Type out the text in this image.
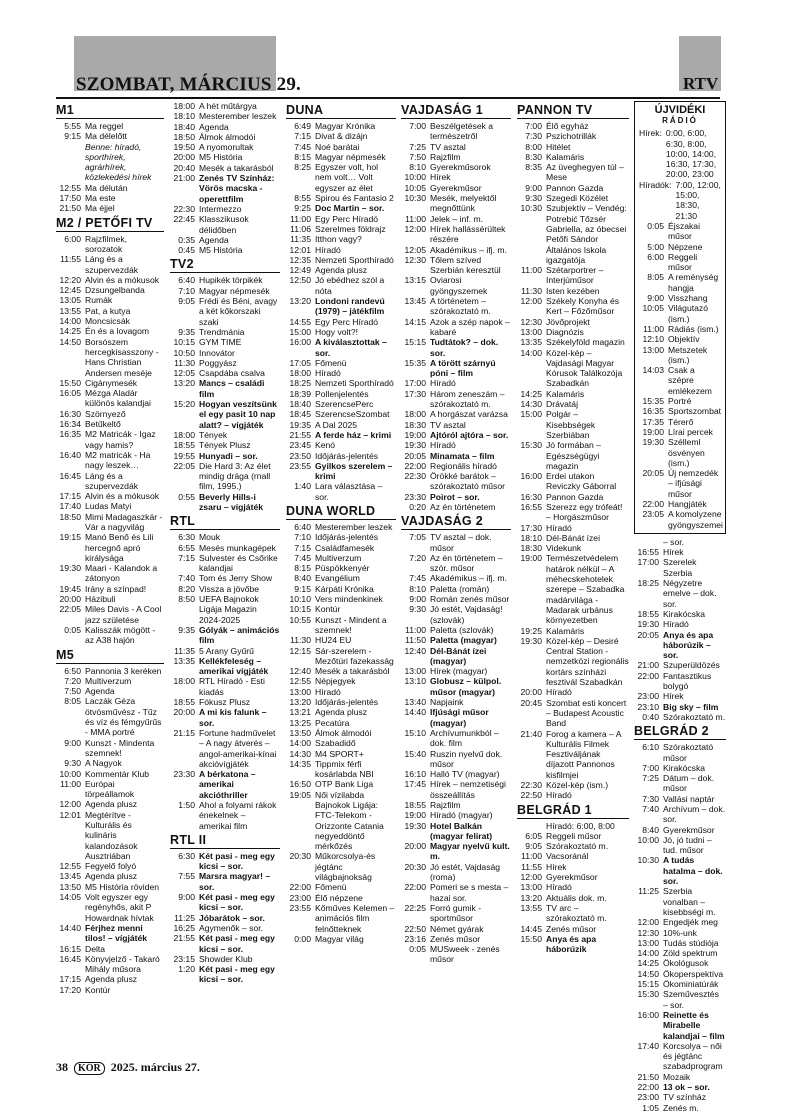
SZOMBAT, MÁRCIUS 29.	RTV
M1
5:55 Ma reggel
9:15 Ma délelőtt
Benne: híradó, sporthírek, agrárhírek, közlekedési hírek
12:55 Ma délután
17:50 Ma este
21:50 Ma éjjel
M2 / PETŐFI TV
6:00 Rajzfilmek, sorozatok
11:55 Láng és a szupervezdák
12:20 Alvin és a mókusok
12:45 Dzsungelbanda
13:05 Rumák
13:55 Pat, a kutya
14:00 Moncsicsák
14:25 Én és a lovagom
14:50 Borsószem hercegkisasszony - Hans Christian Andersen meséje
15:50 Cigánymesék
16:05 Mézga Aladár különös kalandjai
16:30 Szörnyező
16:34 Betűkeltő
16:35 M2 Matricák - Igaz vagy hamis?
16:40 M2 matricák - Ha nagy leszek…
16:45 Láng és a szupervezdák
17:15 Alvin és a mókusok
17:40 Ludas Matyi
18:50 Mimi Madagaszkár - Vár a nagyvilág
19:15 Manó Benő és Lili hercegnő apró királysága
19:30 Maari - Kalandok a zátonyon
19:45 Irány a színpad!
20:00 Házibuli
22:05 Miles Davis - A Cool jazz születése
0:05 Kalisszák mögött - az A38 hajón
M5
6:50 Pannonia 3 keréken
7:20 Multiverzum
7:50 Agenda
8:05 Laczák Géza ötvösművész - Tűz és víz és fémgyűrűs - MMA portré
9:00 Kunszt - Mindenta szemnek!
9:30 A Nagyok
10:00 Kommentár Klub
11:00 Európai törpeállamok
12:00 Agenda plusz
12:01 Megtérítve - Kulturális és kulináris kalandozások Ausztriában
12:55 Fegyelő folyó
13:45 Agenda plusz
13:50 M5 História röviden
14:05 Volt egyszer egy regényhős, akit P Howardnak hívtak
14:40 Férjhez menni tilos! – vígjáték
16:15 Delta
16:45 Könyvjelző - Takaró Mihály műsora
17:15 Agenda plusz
17:20 Kontúr
18:00 A hét műtárgya
18:10 Mesterember leszek
18:40 Agenda
18:50 Álmok álmodói
19:50 A nyomorultak
20:00 M5 História
20:40 Mesék a takarásból
21:00 Zenés TV Színház: Vörös macska - operettfilm
22:30 Intermezzo
22:45 Klasszikusok délidőben
0:35 Agenda
0:45 M5 História
TV2
6:40 Hupikék törpikék
7:10 Magyar népmesék
9:05 Frédi és Béni, avagy a két kőkorszaki szaki
9:35 Trendmánia
10:15 GYM TIME
10:50 Innovátor
11:30 Poggyász
12:05 Csapdába csalva
13:20 Mancs – családi film
15:20 Hogyan veszítsünk el egy pasit 10 nap alatt? – vígjáték
18:00 Tények
18:55 Tények Plusz
19:55 Hunyadi – sor.
22:05 Die Hard 3: Az élet mindig drága (rnall film, 1995.)
0:55 Beverly Hills-i zsaru – vígjáték
RTL
6:30 Mouk
6:55 Mesés munkagépek
7:15 Sulvester és Csőrike kalandjai
7:40 Tom és Jerry Show
8:20 Vissza a jövőbe
8:50 UEFA Bajnokok Ligája Magazin 2024-2025
9:35 Gólyák – animációs film
11:35 5 Arany Gyűrű
13:35 Kellékfeleség – amerikai vígjáték
18:00 RTL Híradó - Esti kiadás
18:55 Fókusz Plusz
20:00 A mi kis falunk – sor.
21:15 Fortune hadművelet – A nagy átverés – angol-amerikai-kínai akcióvígjáték
23:30 A bérkatona – amerikai akcióthriller
1:50 Ahol a folyami rákok énekelnek – amerikai film
RTL II
6:30 Két pasi - meg egy kicsi – sor.
7:55 Marsra magyar! – sor.
9:00 Két pasi - meg egy kicsi – sor.
11:25 Jóbarátok – sor.
16:25 Agymenők – sor.
21:55 Két pasi - meg egy kicsi – sor.
23:15 Showder Klub
1:20 Két pasi - meg egy kicsi – sor.
DUNA
6:49 Magyar Krónika
7:15 Divat & dizájn
7:45 Noé barátai
8:15 Magyar népmesék
8:25 Egyszer volt, hol nem volt… Volt egyszer az élet
8:55 Spirou és Fantasio 2
9:25 Doc Martin – sor.
11:00 Egy Perc Híradó
11:06 Szerelmes földrajz
11:35 Itthon vagy?
12:01 Híradó
12:35 Nemzeti Sporthíradó
12:49 Agenda plusz
12:50 Jó ebédhez szól a nóta
13:20 Londoni randevú (1979) – játékfilm
14:55 Egy Perc Híradó
15:00 Hogy volt?!
16:00 A kiválasztottak – sor.
17:05 Főmenü
18:00 Híradó
18:25 Nemzeti Sporthíradó
18:39 Pollenjelentés
18:40 SzerencsePerc
18:45 SzerencseSzombat
19:35 A Dal 2025
21:55 A ferde ház – krimi
23:45 Kenó
23:50 Időjárás-jelentés
23:55 Gyilkos szerelem – krimi
1:40 Lara választása – sor.
DUNA WORLD
6:40 Mesterember leszek
7:10 Időjárás-jelentés
7:15 Családfamesék
7:45 Multiverzum
8:15 Püspökkenyér
8:40 Evangélium
9:15 Kárpáti Krónika
10:10 Vers mindenkinek
10:15 Kontúr
10:55 Kunszt - Mindent a szemnek!
11:30 HU24 EU
12:15 Sár-szerelem - Mezőtúri fazekasság
12:40 Mesék a takarásból
12:55 Népjegyek
13:00 Híradó
13:20 Időjárás-jelentés
13:21 Agenda plusz
13:25 Pecatúra
13:50 Álmok álmodói
14:00 Szabadidő
14:30 M4 SPORT+
14:35 Tippmix férfi kosárlabda NBI
16:50 OTP Bank Liga
19:05 Női vízilabda Bajnokok Ligája: FTC-Telekom - Orizzonte Catania negyeddöntő mérkőzés
20:30 Műkorcsolya-és jégtánc világbajnokság
22:00 Főmenü
23:00 Élő népzene
23:55 Kőműves Kelemen – animációs film felnőtteknek
0:00 Magyar világ
VAJDASÁG 1
7:00 Beszélgetések a természetről
7:25 TV asztal
7:50 Rajzfilm
8:10 Gyerekműsorok
10:00 Hírek
10:05 Gyerekműsor
10:30 Mesék, melyektől megnőttünk
11:00 Jelek – inf. m.
12:00 Hírek hallássérültek részére
12:05 Akadémikus – ifj. m.
12:30 Tőlem szíved Szerbián keresztül
13:15 Oviarosi gyöngyszemek
13:45 A történetem – szórakoztató m.
14:15 Azok a szép napok – kabaré
15:15 Tudtátok? – dok. sor.
15:35 A törött szárnyú póni – film
17:00 Híradó
17:30 Három zeneszám – szórakoztató m.
18:00 A horgászat varázsa
18:30 TV asztal
19:00 Ajtóról ajtóra – sor.
19:30 Híradó
20:05 Minamata – film
22:00 Regionális híradó
22:30 Örökké barátok – szórakoztató műsor
23:30 Poirot – sor.
0:20 Az én történetem
VAJDASÁG 2
7:05 TV asztal – dok. műsor
7:20 Az én történetem – szór. műsor
7:45 Akadémikus – ifj. m.
8:10 Paletta (román)
9:00 Román zenés műsor
9:30 Jó estét, Vajdaság! (szlovák)
11:00 Paletta (szlovák)
11:50 Paletta (magyar)
12:40 Dél-Bánát ízei (magyar)
13:00 Hírek (magyar)
13:10 Globusz – külpol. műsor (magyar)
13:40 Napjaink
14:40 Ifjúsági műsor (magyar)
15:10 Archívumunkból – dok. film
15:40 Ruszin nyelvű dok. műsor
16:10 Halló TV (magyar)
17:45 Hírek – nemzetiségi összeállítás
18:55 Rajzfilm
19:00 Híradó (magyar)
19:30 Hotel Balkán (magyar felirat)
20:00 Magyar nyelvű kult. m.
20:30 Jó estét, Vajdaság (roma)
22:00 Pomeri se s mesta – hazai sor.
22:25 Forró gumik - sportműsor
22:50 Német gyárak
23:16 Zenés műsor
0:05 MUSweek - zenés műsor
PANNON TV
7:00 Élő egyház
7:30 Pszichotrillák
8:00 Hitélet
8:30 Kalamáris
8:35 Az üveghegyen túl – Mese
9:00 Pannon Gazda
9:30 Szegedi Közélet
10:30 Szubjektív – Vendég: Potrebić Tőzsér Gabriella, az óbecsei Petőfi Sándor Általános Iskola igazgatója
11:00 Szétarportrer – Interjúműsor
11:30 Isten kezében
12:00 Székely Konyha és Kert – Főzőműsor
12:30 Jövőprojekt
13:00 Diagnózis
13:35 Székelyföld magazin
14:00 Közel-kép – Vajdasági Magyar Kórusok Találkozója Szabadkán
14:25 Kalamáris
14:30 Drávatáj
15:00 Polgár – Kisebbségek Szerbiában
15:30 Jó formában – Egészségügyi magazin
16:00 Erdei utakon Reviczky Gáborral
16:30 Pannon Gazda
16:55 Szerezz egy trófeát! – Horgászműsor
17:30 Híradó
18:10 Dél-Bánát ízei
18:30 Videkunk
19:00 Természetvédelem határok nélkül – A méhecskehotelek szerepe – Szabadka madárvilága - Madarak urbánus környezetben
19:25 Kalamáris
19:30 Közel-kép – Desiré Central Station - nemzetközi regionális kortárs színházi fesztivál Szabadkán
20:00 Híradó
20:45 Szombat esti koncert – Budapest Acoustic Band
21:40 Forog a kamera – A Kulturális Filmek Fesztiváljának díjazott Pannonos kisfilmjei
22:30 Közel-kép (ism.)
22:50 Híradó
BELGRÁD 1
Híradó: 6:00, 8:00
6:05 Reggeli műsor
9:05 Szórakoztató m.
11:00 Vacsoránál
11:55 Hírek
12:00 Gyerekműsor
13:00 Híradó
13:20 Aktuális dok. m.
13:55 TV arc – szórakoztató m.
14:45 Zenés műsor
15:50 Anya és apa háborúzik
ÚJVIDÉKI
RÁDIÓ
Hírek: 0:00, 6:00, 6:30, 8:00, 10:00, 14:00, 16:30, 17:30, 20:00, 23:00
Híradók: 7:00, 12:00, 15:00, 18:30, 21:30
0:05 Éjszakai műsor
5:00 Népzene
6:00 Reggeli műsor
8:05 A reménység hangja
9:00 Visszhang
10:05 Világutazó (ism.)
11:00 Rádiás (ism.)
12:10 Objektív
13:00 Metszetek (ism.)
14:03 Csak a szépre emlékezem
15:35 Portré
16:35 Sportszombat
17:35 Térerő
19:00 Lírai percek
19:30 Szélleml ösvényen (ism.)
20:05 Új nemzedék – ifjúsági műsor
22:00 Hangjáték
23:05 A komolyzene gyöngyszemei
– sor.
16:55 Hírek
17:00 Szerelek Szerbia
18:25 Négyzetre emelve – dok. sor.
18:55 Kirakócska
19:30 Híradó
20:05 Anya és apa háborúzik – sor.
21:00 Szuperüldözés
22:00 Fantasztikus bolygó
23:00 Hírek
23:10 Big sky – film
0:40 Szórakoztató m.
BELGRÁD 2
6:10 Szórakoztató műsor
7:00 Kirakócska
7:25 Dátum – dok. műsor
7:30 Vallási naptár
7:40 Archívum – dok. sor.
8:40 Gyerekműsor
10:00 Jó, jó tudni – tud. műsor
10:30 A tudás hatalma – dok. sor.
11:25 Szerbia vonalban – kisebbségi m.
12:00 Engedjék meg
12:30 10%-unk
13:00 Tudás stúdiója
14:00 Zöld spektrum
14:25 Ökológusok
14:50 Ökoperspektíva
15:15 Ökominiatúrák
15:30 Szeművesztés – sor.
16:00 Reinette és Mirabelle kalandjai – film
17:40 Korcsolya – női és jégtánc szabadprogram
21:50 Mozaik
22:00 13 ok – sor.
23:00 TV színház
1:05 Zenés m.
38 KÖR 2025. március 27.
